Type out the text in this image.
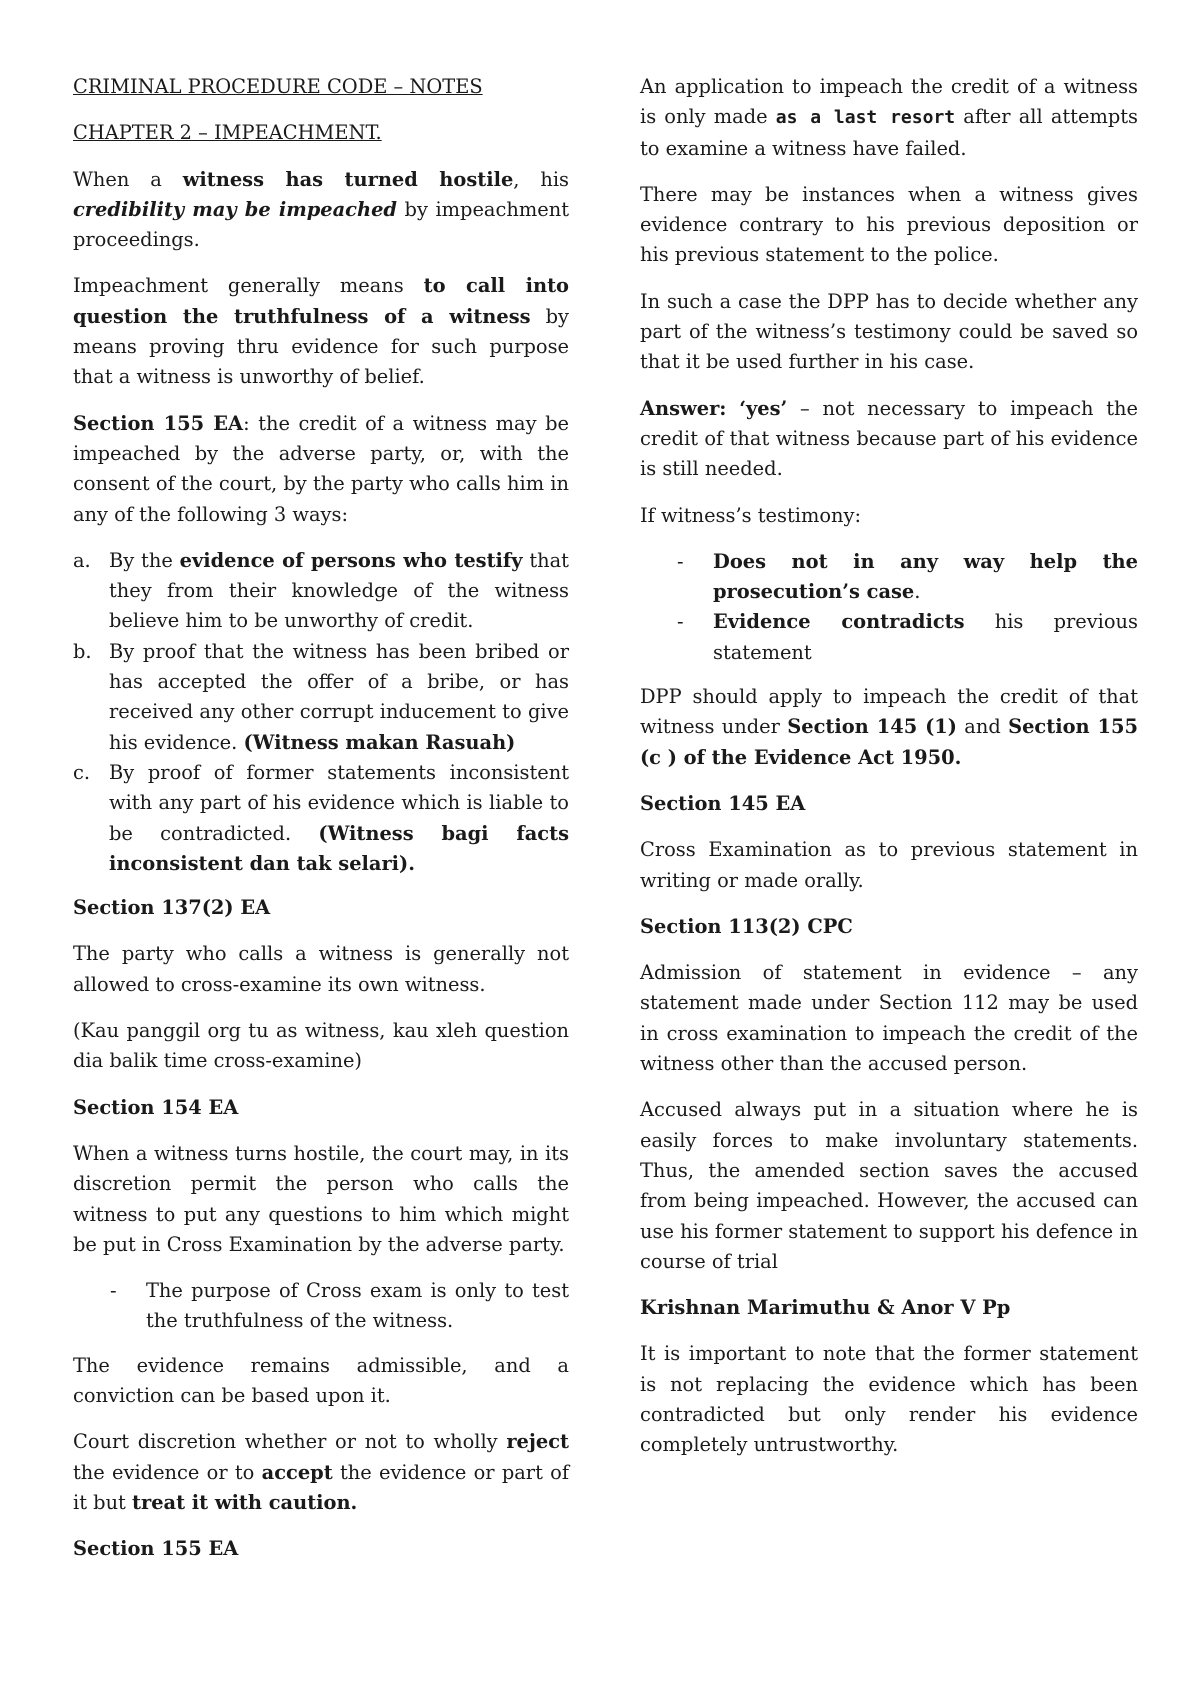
CRIMINAL PROCEDURE CODE – NOTES

CHAPTER 2 – IMPEACHMENT.

When a witness has turned hostile, his credibility may be impeached by impeachment proceedings.

Impeachment generally means to call into question the truthfulness of a witness by means proving thru evidence for such purpose that a witness is unworthy of belief.

Section 155 EA: the credit of a witness may be impeached by the adverse party, or, with the consent of the court, by the party who calls him in any of the following 3 ways:

a. By the evidence of persons who testify that they from their knowledge of the witness believe him to be unworthy of credit.
b. By proof that the witness has been bribed or has accepted the offer of a bribe, or has received any other corrupt inducement to give his evidence. (Witness makan Rasuah)
c. By proof of former statements inconsistent with any part of his evidence which is liable to be contradicted. (Witness bagi facts inconsistent dan tak selari).

Section 137(2) EA

The party who calls a witness is generally not allowed to cross-examine its own witness.

(Kau panggil org tu as witness, kau xleh question dia balik time cross-examine)

Section 154 EA

When a witness turns hostile, the court may, in its discretion permit the person who calls the witness to put any questions to him which might be put in Cross Examination by the adverse party.

- The purpose of Cross exam is only to test the truthfulness of the witness.

The evidence remains admissible, and a conviction can be based upon it.

Court discretion whether or not to wholly reject the evidence or to accept the evidence or part of it but treat it with caution.

Section 155 EA

An application to impeach the credit of a witness is only made as a last resort after all attempts to examine a witness have failed.

There may be instances when a witness gives evidence contrary to his previous deposition or his previous statement to the police.

In such a case the DPP has to decide whether any part of the witness’s testimony could be saved so that it be used further in his case.

Answer: ‘yes’ – not necessary to impeach the credit of that witness because part of his evidence is still needed.

If witness’s testimony:

- Does not in any way help the prosecution’s case.
- Evidence contradicts his previous statement

DPP should apply to impeach the credit of that witness under Section 145 (1) and Section 155 (c ) of the Evidence Act 1950.

Section 145 EA

Cross Examination as to previous statement in writing or made orally.

Section 113(2) CPC

Admission of statement in evidence – any statement made under Section 112 may be used in cross examination to impeach the credit of the witness other than the accused person.

Accused always put in a situation where he is easily forces to make involuntary statements. Thus, the amended section saves the accused from being impeached. However, the accused can use his former statement to support his defence in course of trial

Krishnan Marimuthu & Anor V Pp

It is important to note that the former statement is not replacing the evidence which has been contradicted but only render his evidence completely untrustworthy.
